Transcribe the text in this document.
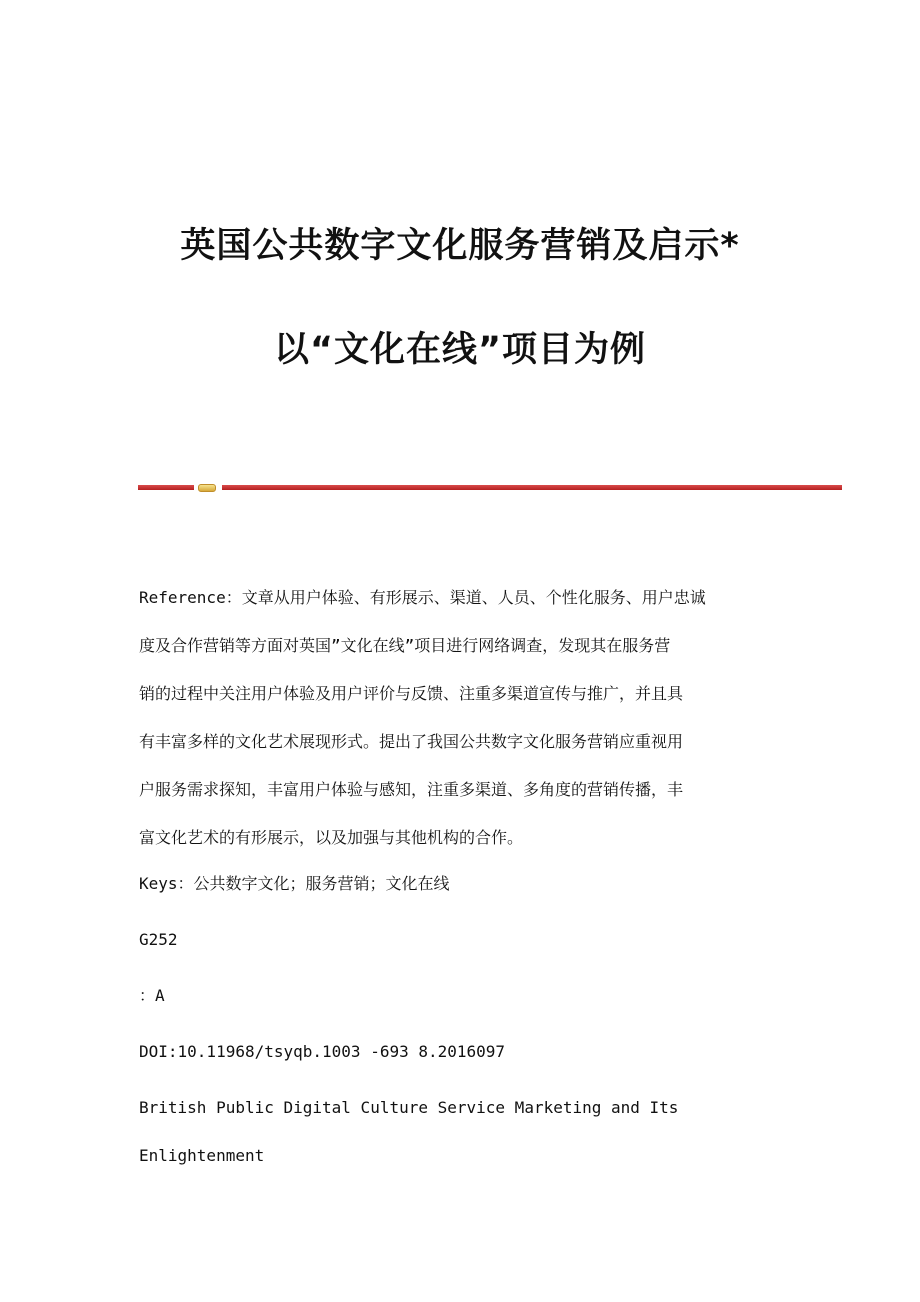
英国公共数字文化服务营销及启示*
以“文化在线”项目为例
Reference：文章从用户体验、有形展示、渠道、人员、个性化服务、用户忠诚
度及合作营销等方面对英国”文化在线”项目进行网络调查，发现其在服务营
销的过程中关注用户体验及用户评价与反馈、注重多渠道宣传与推广，并且具
有丰富多样的文化艺术展现形式。提出了我国公共数字文化服务营销应重视用
户服务需求探知，丰富用户体验与感知，注重多渠道、多角度的营销传播，丰
富文化艺术的有形展示，以及加强与其他机构的合作。

Keys：公共数字文化；服务营销；文化在线

G252

：A

DOI:10.11968/tsyqb.1003 -693 8.2016097

British Public Digital Culture Service Marketing and Its

Enlightenment
